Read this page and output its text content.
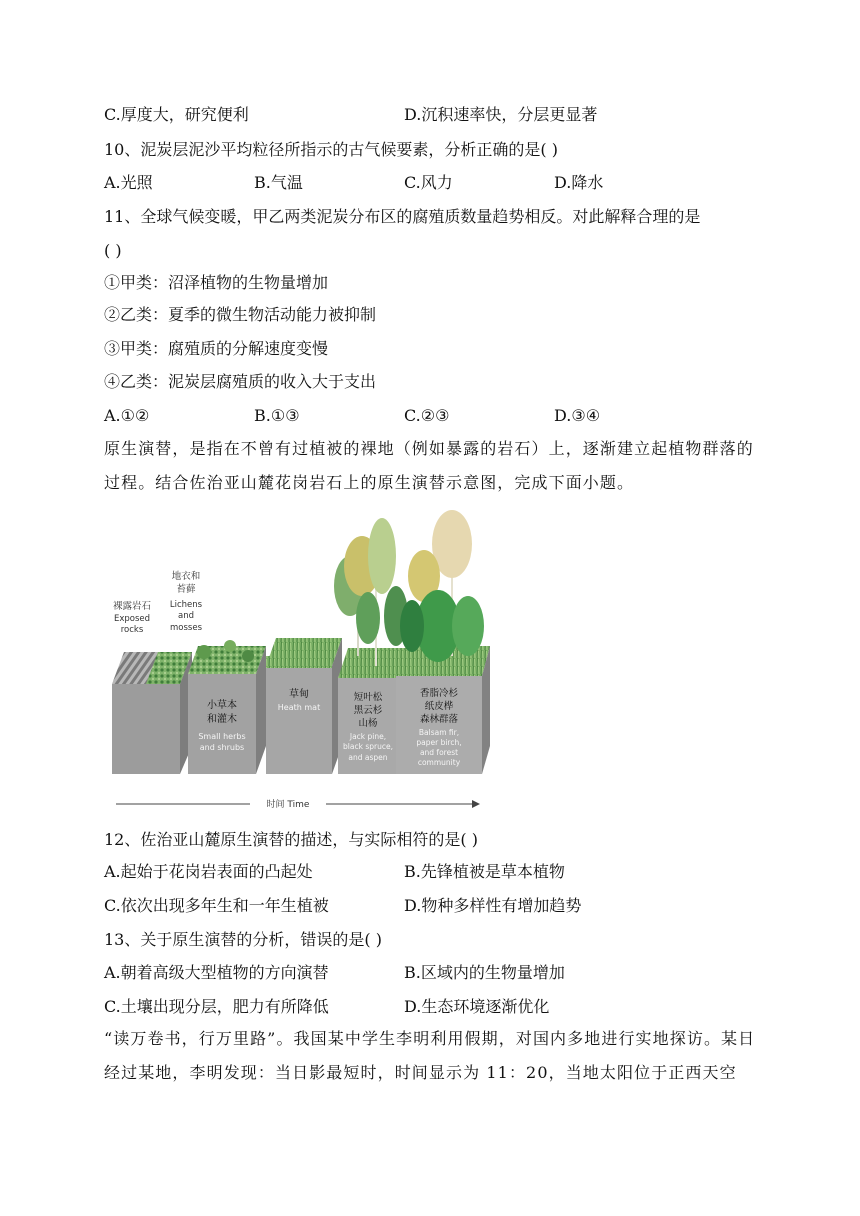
C.厚度大，研究便利	D.沉积速率快，分层更显著
10、泥炭层泥沙平均粒径所指示的古气候要素，分析正确的是( )
A.光照	B.气温	C.风力	D.降水
11、全球气候变暖，甲乙两类泥炭分布区的腐殖质数量趋势相反。对此解释合理的是
( )
①甲类：沼泽植物的生物量增加
②乙类：夏季的微生物活动能力被抑制
③甲类：腐殖质的分解速度变慢
④乙类：泥炭层腐殖质的收入大于支出
A.①②	B.①③	C.②③	D.③④
原生演替，是指在不曾有过植被的裸地（例如暴露的岩石）上，逐渐建立起植物群落的过程。结合佐治亚山麓花岗岩石上的原生演替示意图，完成下面小题。
裸露岩石
Exposed
rocks
地衣和
苔藓
Lichens
and
mosses
小草本
和灌木
Small herbs
and shrubs
草甸
Heath mat
短叶松
黑云杉
山杨
Jack pine,
black spruce,
and aspen
香脂冷杉
纸皮桦
森林群落
Balsam fir,
paper birch,
and forest
community
时间 Time
12、佐治亚山麓原生演替的描述，与实际相符的是( )
A.起始于花岗岩表面的凸起处	B.先锋植被是草本植物
C.依次出现多年生和一年生植被	D.物种多样性有增加趋势
13、关于原生演替的分析，错误的是( )
A.朝着高级大型植物的方向演替	B.区域内的生物量增加
C.土壤出现分层，肥力有所降低	D.生态环境逐渐优化
“读万卷书，行万里路”。我国某中学生李明利用假期，对国内多地进行实地探访。某日经过某地，李明发现：当日影最短时，时间显示为 11：20，当地太阳位于正西天空
